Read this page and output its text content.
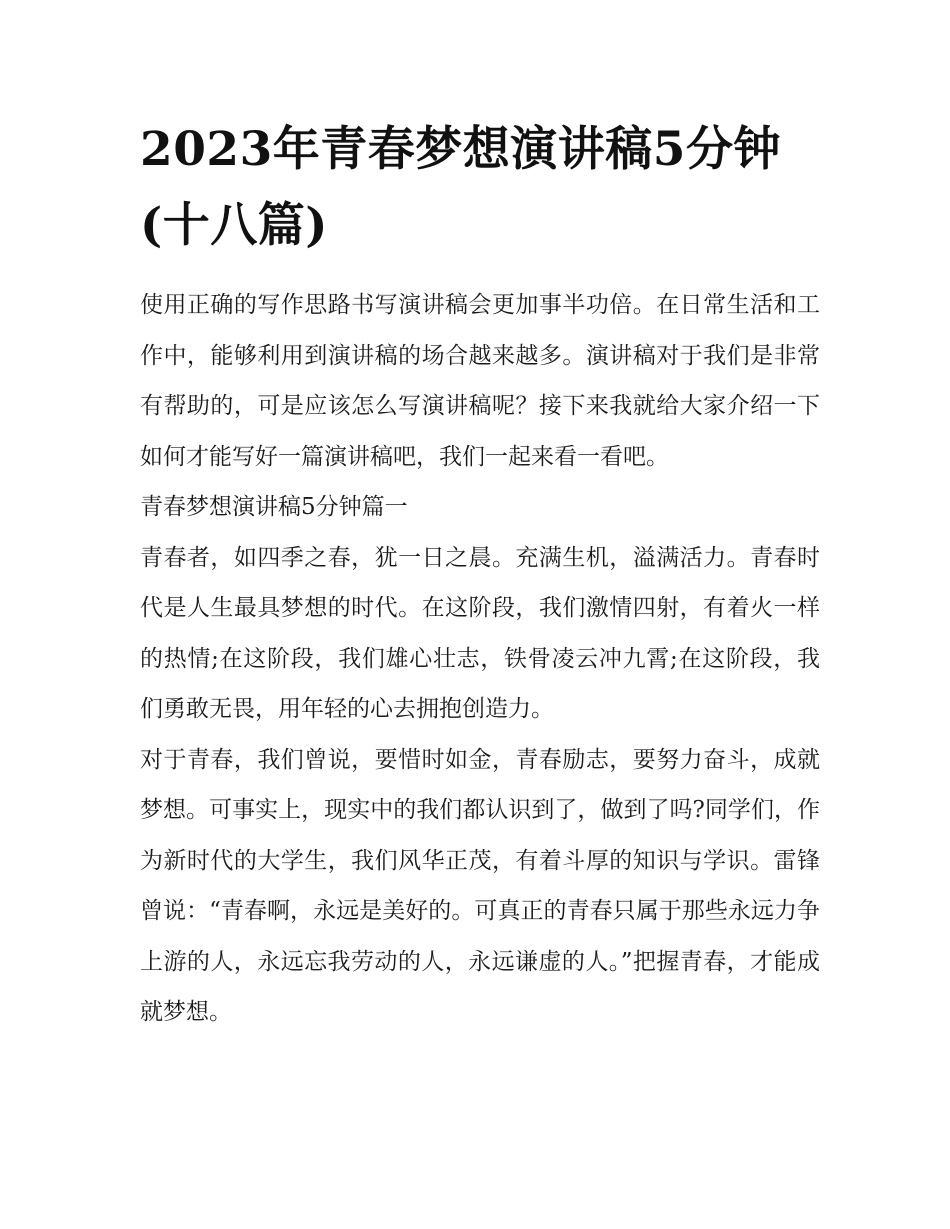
2023年青春梦想演讲稿5分钟(十八篇)

使用正确的写作思路书写演讲稿会更加事半功倍。在日常生活和工作中，能够利用到演讲稿的场合越来越多。演讲稿对于我们是非常有帮助的，可是应该怎么写演讲稿呢？接下来我就给大家介绍一下如何才能写好一篇演讲稿吧，我们一起来看一看吧。

青春梦想演讲稿5分钟篇一

青春者，如四季之春，犹一日之晨。充满生机，溢满活力。青春时代是人生最具梦想的时代。在这阶段，我们激情四射，有着火一样的热情;在这阶段，我们雄心壮志，铁骨凌云冲九霄;在这阶段，我们勇敢无畏，用年轻的心去拥抱创造力。

对于青春，我们曾说，要惜时如金，青春励志，要努力奋斗，成就梦想。可事实上，现实中的我们都认识到了，做到了吗?同学们，作为新时代的大学生，我们风华正茂，有着斗厚的知识与学识。雷锋曾说：“青春啊，永远是美好的。可真正的青春只属于那些永远力争上游的人，永远忘我劳动的人，永远谦虚的人。”把握青春，才能成就梦想。
